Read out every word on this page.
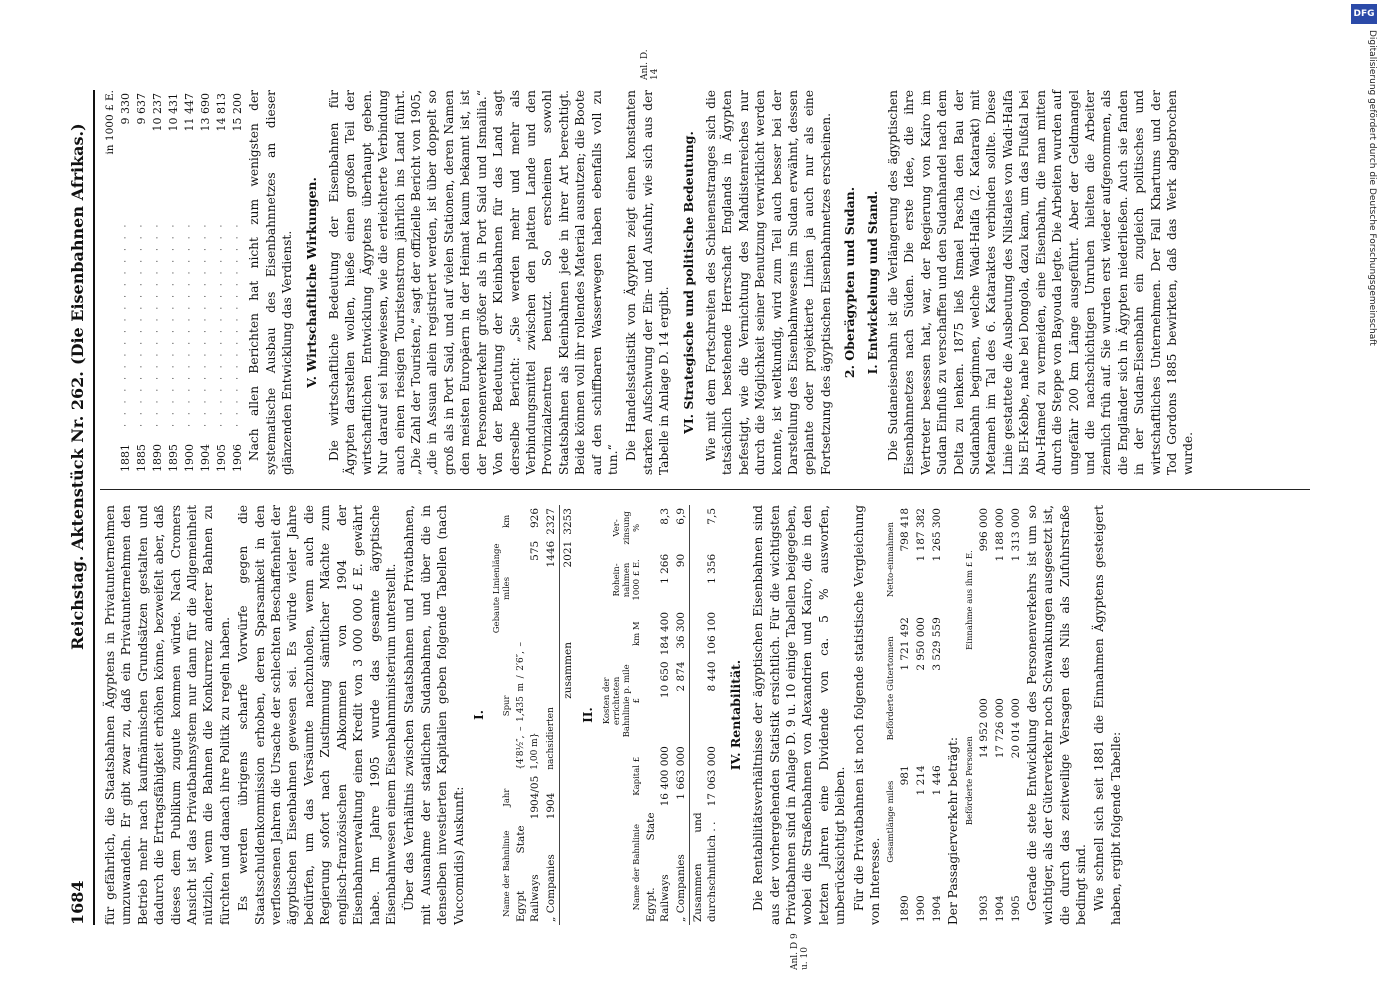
1684
Reichstag. Aktenstück Nr. 262.
(Die Eisenbahnen Afrikas.)

für gefährlich, die Staatsbahnen Ägyptens in Privatunternehmen umzuwandeln. Er gibt zwar zu, daß ein Privatunternehmen den Betrieb mehr nach kaufmännischen Grundsätzen gestalten und dadurch die Ertragsfähigkeit erhöhen könne, bezweifelt aber, daß dieses dem Publikum zugute kommen würde. Nach Cromers Ansicht ist das Privatbahnsystem nur dann für die Allgemeinheit nützlich, wenn die Bahnen die Konkurrenz anderer Bahnen zu fürchten und danach ihre Politik zu regeln haben. Es werden übrigens scharfe Vorwürfe gegen die Staatsschuldenkommission erhoben, deren Sparsamkeit in den verflossenen Jahren die Ursache der schlechten Beschaffenheit der ägyptischen Eisenbahnen gewesen sei. Es würde vieler Jahre bedürfen, um das Versäumte nachzuholen, wenn auch die Regierung sofort nach Zustimmung sämtlicher Mächte zum englisch-französischen Abkommen von 1904 der Eisenbahnverwaltung einen Kredit von 3 000 000 £ E. gewährt habe. Im Jahre 1905 wurde das gesamte ägyptische Eisenbahnwesen einem Eisenbahnministerium unterstellt. Über das Verhältnis zwischen Staatsbahnen und Privatbahnen, mit Ausnahme der staatlichen Sudanbahnen, und über die in denselben investierten Kapitalien geben folgende Tabellen (nach Vuccomidis) Auskunft:

I.
Name der Bahnlinie	Jahr	Spur	Gebaute Linienlänge miles	km
Egypt State Railways	1904/05	{4′8½″, – 1,435 m / 2′6″, – 1,00 m}	575	926
„ Companies	1904	nachsidierten	1446	2327
		zusammen	2021	3253
II.
Name der Bahnlinie	Kapital £	Kosten der errichteten Bahnlinie p. mile £	km M	Rohein-nahmen 1000 £ E.	Ver-zinsung %
Egypt. State Railways	16 400 000	10 650	184 400	1 266	8,3
„ Companies	1 663 000	2 874	36 300	90	6,9
Zusammen und durchschnittlich . .	17 063 000	8 440	106 100	1 356	7,5
IV. Rentabilität. Die Rentabilitätsverhältnisse der ägyptischen Eisenbahnen sind aus der vorhergehenden Statistik ersichtlich. Für die wichtigsten Privatbahnen sind in Anlage D. 9 u. 10 einige Tabellen beigegeben, wobei die Straßenbahnen von Alexandrien und Kairo, die in den letzten Jahren eine Dividende von ca. 5 % ausworfen, unberücksichtigt bleiben. Für die Privatbahnen ist noch folgende statistische Vergleichung von Interesse.

	Gesamtlänge miles	Beförderte Gütertonnen	Netto-einnahmen
1890	981	1 721 492	798 418
1900	1 214	2 950 000	1 187 382
1904	1 446	3 529 559	1 265 300

Der Passagierverkehr beträgt:

	Beförderte Personen	Einnahme aus ihm £ E.
1903	14 952 000	996 000
1904	17 726 000	1 188 000
1905	20 014 000	1 313 000 Gerade die stete Entwicklung des Personenverkehrs ist um so wichtiger, als der Güterverkehr noch Schwankungen ausgesetzt ist, die durch das zeitweilige Versagen des Nils als Zufuhrstraße bedingt sind. Wie schnell sich seit 1881 die Einnahmen Ägyptens gesteigert haben, ergibt folgende Tabelle:

Anl. D 9 u. 10
in 1000 £ E.
1881	· · · · · · · · · · · · · · · · · ·	9 330
1885	· · · · · · · · · · · · · · · · · ·	9 637
1890	· · · · · · · · · · · · · · · · · ·	10 237
1895	· · · · · · · · · · · · · · · · · ·	10 431
1900	· · · · · · · · · · · · · · · · · ·	11 447
1904	· · · · · · · · · · · · · · · · · ·	13 690
1905	· · · · · · · · · · · · · · · · · ·	14 813
1906	· · · · · · · · · · · · · · · · · ·	15 200 Nach allen Berichten hat nicht zum wenigsten der systematische Ausbau des Eisenbahnnetzes an dieser glänzenden Entwicklung das Verdienst. V. Wirtschaftliche Wirkungen. Die wirtschaftliche Bedeutung der Eisenbahnen für Ägypten darstellen wollen, hieße einen großen Teil der wirtschaftlichen Entwicklung Ägyptens überhaupt geben. Nur darauf sei hingewiesen, wie die erleichterte Verbindung auch einen riesigen Touristenstrom jährlich ins Land führt. „Die Zahl der Touristen,“ sagt der offizielle Bericht von 1905, „die in Assuan allein registriert werden, ist über doppelt so groß als in Port Said, und auf vielen Stationen, deren Namen den meisten Europäern in der Heimat kaum bekannt ist, ist der Personenverkehr größer als in Port Said und Ismailia.“ Von der Bedeutung der Kleinbahnen für das Land sagt derselbe Bericht: „Sie werden mehr und mehr als Verbindungsmittel zwischen den platten Lande und den Provinzialzentren benutzt. So erscheinen sowohl Staatsbahnen als Kleinbahnen jede in ihrer Art berechtigt. Beide können voll ihr rollendes Material ausnutzen; die Boote auf den schiffbaren Wasserwegen haben ebenfalls voll zu tun.“ Die Handelsstatistik von Ägypten zeigt einen konstanten starken Aufschwung der Ein- und Ausfuhr, wie sich aus der Tabelle in Anlage D. 14 ergibt. VI. Strategische und politische Bedeutung. Wie mit dem Fortschreiten des Schienenstranges sich die tatsächlich bestehende Herrschaft Englands in Ägypten befestigt, wie die Vernichtung des Mahdistenreiches nur durch die Möglichkeit seiner Benutzung verwirklicht werden konnte, ist weltkundig, wird zum Teil auch besser bei der Darstellung des Eisenbahnwesens im Sudan erwähnt, dessen geplante oder projektierte Linien ja auch nur als eine Fortsetzung des ägyptischen Eisenbahnnetzes erscheinen. 2. Oberägypten und Sudan. I. Entwickelung und Stand. Die Sudaneisenbahn ist die Verlängerung des ägyptischen Eisenbahnnetzes nach Süden. Die erste Idee, die ihre Vertreter besessen hat, war, der Regierung von Kairo im Sudan Einfluß zu verschaffen und den Sudanhandel nach dem Delta zu lenken. 1875 ließ Ismael Pascha den Bau der Sudanbahn beginnen, welche Wadi-Halfa (2. Katarakt) mit Metameh im Tal des 6. Kataraktes verbinden sollte. Diese Linie gestattete die Ausbeutung des Nilstales von Wadi-Halfa bis El-Kebbe, nahe bei Dongola, dazu kam, um das Flußtal bei Abu-Hamed zu vermeiden, eine Eisenbahn, die man mitten durch die Steppe von Bayouda legte. Die Arbeiten wurden auf ungefähr 200 km Länge ausgeführt. Aber der Geldmangel und die nachschichtigen Unruhen hielten die Arbeiter ziemlich früh auf. Sie wurden erst wieder aufgenommen, als die Engländer sich in Ägypten niederließen. Auch sie fanden in der Sudan-Eisenbahn ein zugleich politisches und wirtschaftliches Unternehmen. Der Fall Khartums und der Tod Gordons 1885 bewirkten, daß das Werk abgebrochen wurde.

Anl. D. 14
DFG
Digitalisierung gefördert durch die Deutsche Forschungsgemeinschaft
